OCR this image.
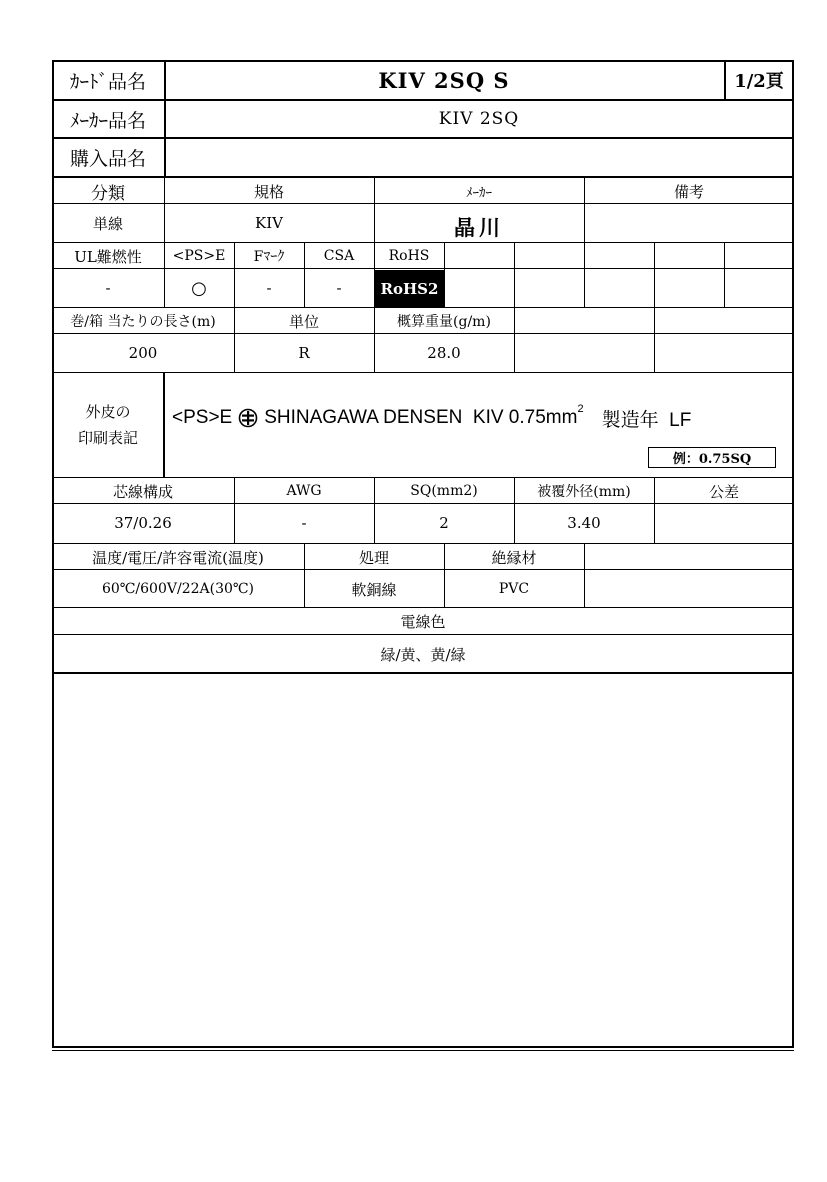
ｶｰﾄﾞ品名	KIV 2SQ S	1/2頁
ﾒｰｶｰ品名	KIV 2SQ
購入品名
分類	規格	ﾒｰｶｰ	備考
単線	KIV	晶川
UL難燃性	<PS>E	Fﾏｰｸ	CSA	RoHS
-	○	-	-	RoHS2
巻/箱 当たりの長さ(m)	単位	概算重量(g/m)
200	R	28.0
外皮の
印刷表記
<PS>E SHINAGAWA DENSEN  KIV 0.75 mm 2
製造年  LF
例：0.75SQ
芯線構成	AWG	SQ(mm2)	被覆外径(mm)	公差
37/0.26	-	2	3.40
温度/電圧/許容電流(温度)	処理	絶縁材
60℃/600V/22A(30℃)	軟銅線	PVC
電線色
緑/黄、黄/緑
